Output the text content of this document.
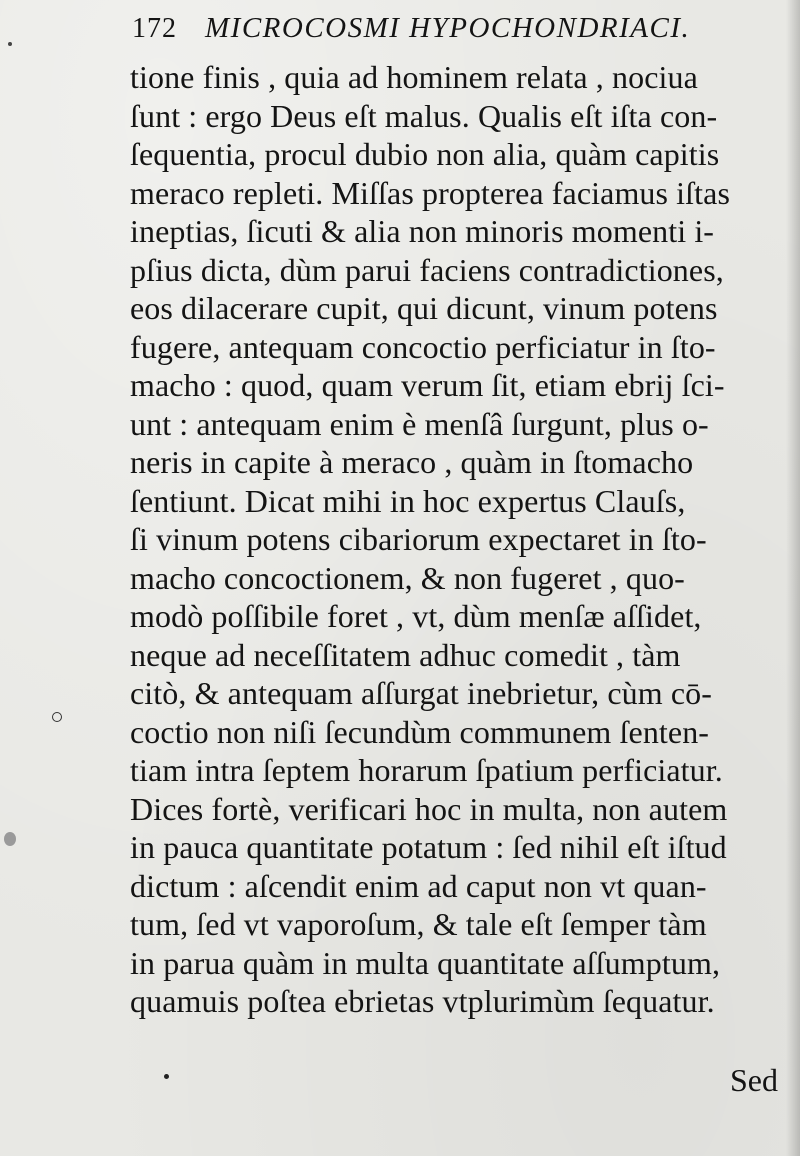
172 MICROCOSMI HYPOCHONDRIACI.
tione finis , quia ad hominem relata , nociua
ſunt : ergo Deus eſt malus. Qualis eſt iſta con-
ſequentia, procul dubio non alia, quàm capitis
meraco repleti. Miſſas propterea faciamus iſtas
ineptias, ſicuti & alia non minoris momenti i-
pſius dicta, dùm parui faciens contradictiones,
eos dilacerare cupit, qui dicunt, vinum potens
fugere, antequam concoctio perficiatur in ſto-
macho : quod, quam verum ſit, etiam ebrij ſci-
unt : antequam enim è menſâ ſurgunt, plus o-
neris in capite à meraco , quàm in ſtomacho
ſentiunt. Dicat mihi in hoc expertus Clauſs,
ſi vinum potens cibariorum expectaret in ſto-
macho concoctionem, & non fugeret , quo-
modò poſſibile foret , vt, dùm menſæ aſſidet,
neque ad neceſſitatem adhuc comedit , tàm
citò, & antequam aſſurgat inebrietur, cùm cō-
coctio non niſi ſecundùm communem ſenten-
tiam intra ſeptem horarum ſpatium perficiatur.
Dices fortè, verificari hoc in multa, non autem
in pauca quantitate potatum : ſed nihil eſt iſtud
dictum : aſcendit enim ad caput non vt quan-
tum, ſed vt vaporoſum, & tale eſt ſemper tàm
in parua quàm in multa quantitate aſſumptum,
quamuis poſtea ebrietas vtplurimùm ſequatur.
Sed
